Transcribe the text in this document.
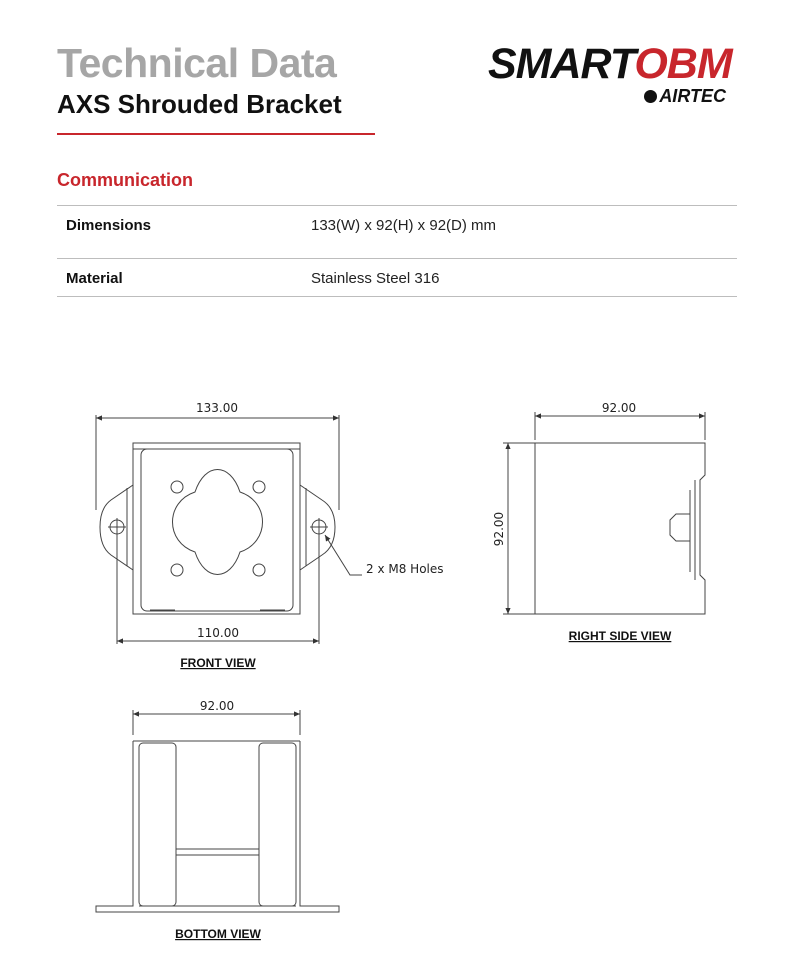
Technical Data
AXS Shrouded Bracket
SMARTOBM
AIRTEC
Communication
Dimensions	133(W) x 92(H) x 92(D) mm
Material	Stainless Steel 316
133.00
110.00
2 x M8 Holes
FRONT VIEW
92.00
92.00
RIGHT SIDE VIEW
92.00
BOTTOM VIEW
